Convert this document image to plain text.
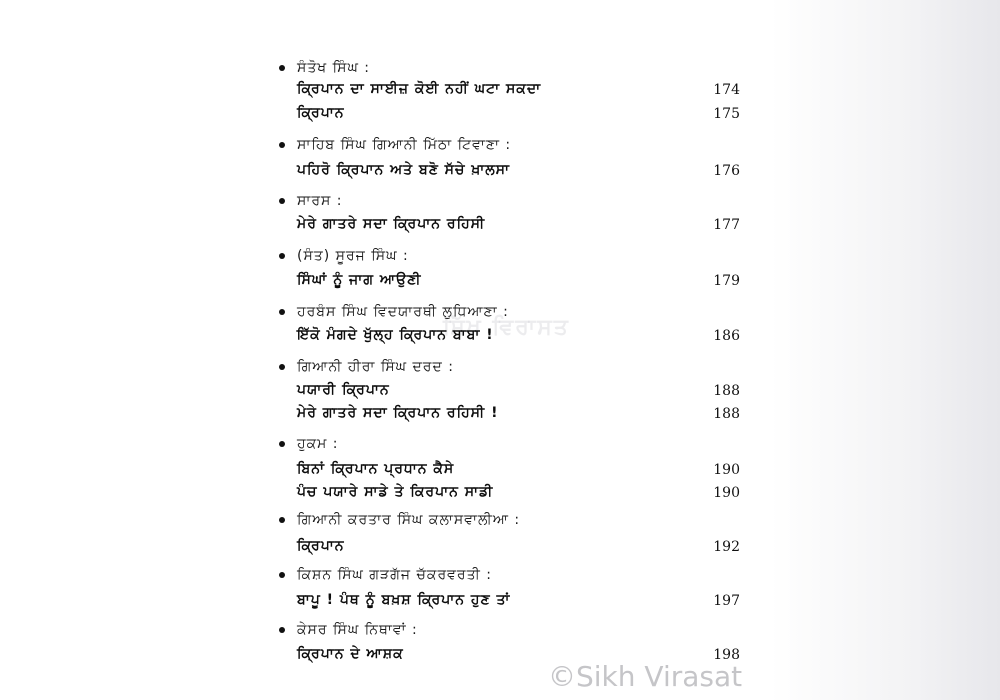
ਸਿੱਖ ਵਿਰਾਸਤ
ਸੰਤੋਖ ਸਿੰਘ :
ਕ੍ਰਿਪਾਨ ਦਾ ਸਾਈਜ਼ ਕੋਈ ਨਹੀਂ ਘਟਾ ਸਕਦਾ	174
ਕ੍ਰਿਪਾਨ	175
ਸਾਹਿਬ ਸਿੰਘ ਗਿਆਨੀ ਮਿੱਠਾ ਟਿਵਾਣਾ :
ਪਹਿਰੋ ਕ੍ਰਿਪਾਨ ਅਤੇ ਬਣੋ ਸੱਚੇ ਖ਼ਾਲਸਾ	176
ਸਾਰਸ :
ਮੇਰੇ ਗਾਤਰੇ ਸਦਾ ਕ੍ਰਿਪਾਨ ਰਹਿਸੀ	177
(ਸੰਤ) ਸੂਰਜ ਸਿੰਘ :
ਸਿੰਘਾਂ ਨੂੰ ਜਾਗ ਆਉਣੀ	179
ਹਰਬੰਸ ਸਿੰਘ ਵਿਦਯਾਰਥੀ ਲੁਧਿਆਣਾ :
ਇੱਕੋ ਮੰਗਦੇ ਖੁੱਲ੍ਹ ਕ੍ਰਿਪਾਨ ਬਾਬਾ !	186
ਗਿਆਨੀ ਹੀਰਾ ਸਿੰਘ ਦਰਦ :
ਪਯਾਰੀ ਕ੍ਰਿਪਾਨ	188
ਮੇਰੇ ਗਾਤਰੇ ਸਦਾ ਕ੍ਰਿਪਾਨ ਰਹਿਸੀ !	188
ਹੁਕਮ :
ਬਿਨਾਂ ਕ੍ਰਿਪਾਨ ਪ੍ਰਧਾਨ ਕੈਸੇ	190
ਪੰਚ ਪਯਾਰੇ ਸਾਡੇ ਤੇ ਕਿਰਪਾਨ ਸਾਡੀ	190
ਗਿਆਨੀ ਕਰਤਾਰ ਸਿੰਘ ਕਲਾਸਵਾਲੀਆ :
ਕ੍ਰਿਪਾਨ	192
ਕਿਸ਼ਨ ਸਿੰਘ ਗੜਗੱਜ ਚੱਕਰਵਰਤੀ :
ਬਾਪੂ ! ਪੰਥ ਨੂੰ ਬਖ਼ਸ਼ ਕ੍ਰਿਪਾਨ ਹੁਣ ਤਾਂ	197
ਕੇਸਰ ਸਿੰਘ ਨਿਥਾਵਾਂ :
ਕ੍ਰਿਪਾਨ ਦੇ ਆਸ਼ਕ	198
©Sikh Virasat
